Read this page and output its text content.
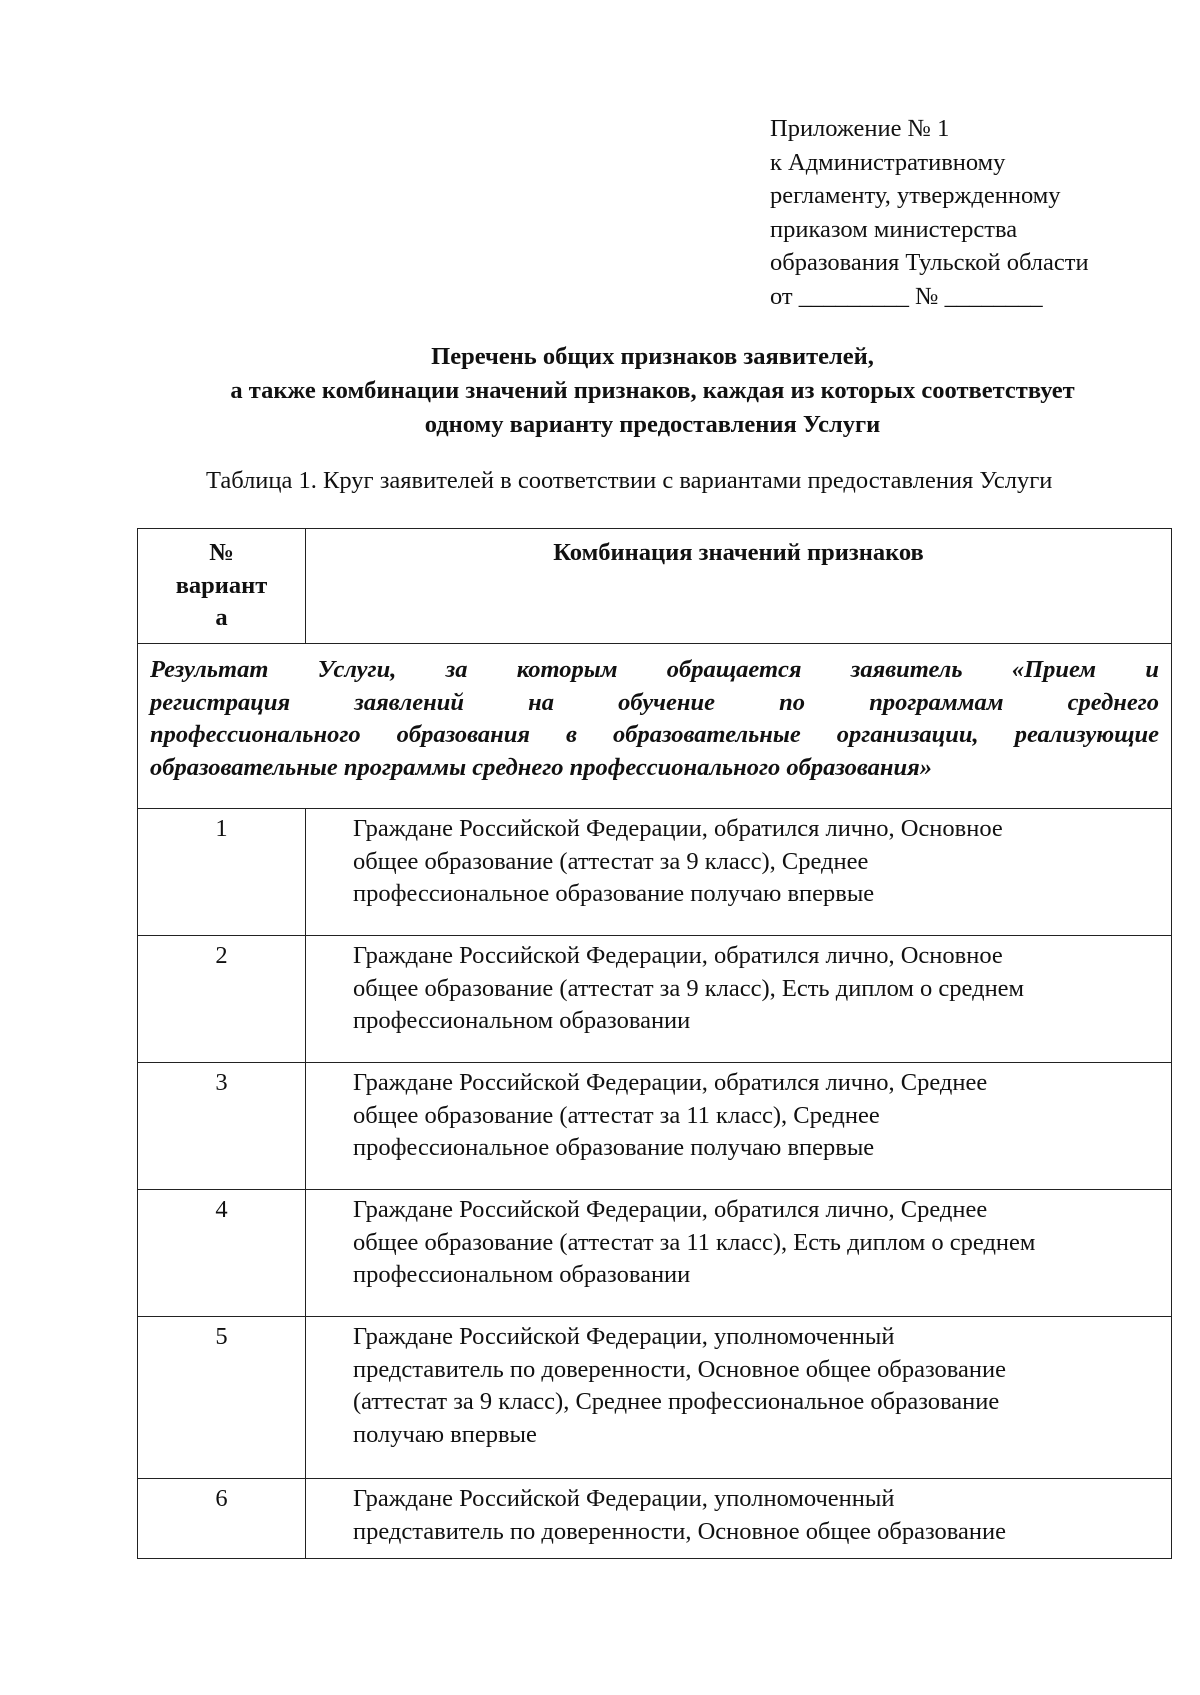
Приложение № 1
к Административному
регламенту, утвержденному
приказом министерства
образования Тульской области
от _________ № ________
Перечень общих признаков заявителей,
а также комбинации значений признаков, каждая из которых соответствует
одному варианту предоставления Услуги
Таблица 1. Круг заявителей в соответствии с вариантами предоставления Услуги
№
вариант
а	Комбинация значений признаков

Результат Услуги, за которым обращается заявитель «Прием и
регистрация заявлений на обучение по программам среднего
профессионального образования в образовательные организации, реализующие
образовательные программы среднего профессионального образования»	

1	Граждане Российской Федерации, обратился лично, Основное
общее образование (аттестат за 9 класс), Среднее
профессиональное образование получаю впервые

2	Граждане Российской Федерации, обратился лично, Основное
общее образование (аттестат за 9 класс), Есть диплом о среднем
профессиональном образовании

3	Граждане Российской Федерации, обратился лично, Среднее
общее образование (аттестат за 11 класс), Среднее
профессиональное образование получаю впервые

4	Граждане Российской Федерации, обратился лично, Среднее
общее образование (аттестат за 11 класс), Есть диплом о среднем
профессиональном образовании

5	Граждане Российской Федерации, уполномоченный
представитель по доверенности, Основное общее образование
(аттестат за 9 класс), Среднее профессиональное образование
получаю впервые

6	Граждане Российской Федерации, уполномоченный
представитель по доверенности, Основное общее образование
